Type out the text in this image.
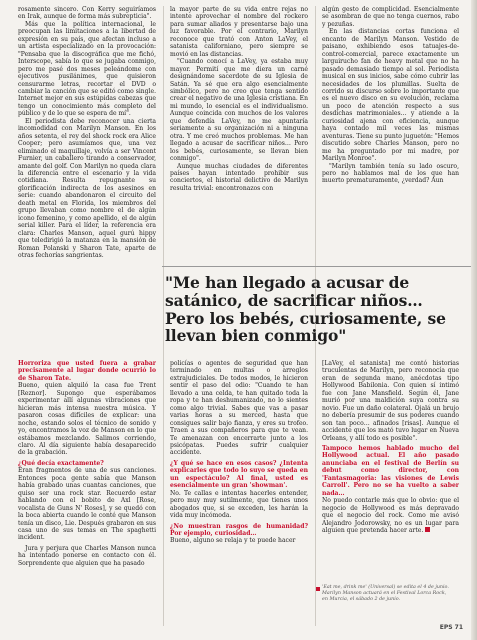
rosamente sincero. Con Kerry seguiríamos en Irak, aunque de forma más subrepticia".

Más que la política internacional, le preocupan las limitaciones a la libertad de expresión en su país, que afectan incluso a un artista especializado en la provocación: "Pensaba que la discográfica que me fichó, Interscope, sabía lo que se jugaba conmigo, pero me pasé dos meses peleándome con ejecutivos pusilánimes, que quisieron censurarme letras, recortar el DVD o cambiar la canción que se editó como single. Internet mejor en sus estúpidas cabezas que tengo un conocimiento más completo del público y de lo que se espera de mí".

El periodista debe reconocer una cierta incomodidad con Marilyn Manson. En los años setenta, el rey del shock rock era Alice Cooper; pero asumíamos que, una vez eliminado el maquillaje, volvía a ser Vincent Furnier, un caballero tirando a conservador, amante del golf. Con Marilyn no queda clara la diferencia entre el escenario y la vida cotidiana. Resulta repugnante su glorificación indirecta de los asesinos en serie: cuando abandonaron el circuito del death metal en Florida, los miembros del grupo llevaban como nombre el de algún icono femenino, y como apellido, el de algún serial killer. Para el líder, la referencia era clara: Charles Manson, aquel gurú hippy que teledirigió la matanza en la mansión de Roman Polanski y Sharon Tate, aparte de otras fechorías sangrientas.

la mayor parte de su vida entre rejas no intente aprovechar el nombre del rockero para sumar aliados y presentarse bajo una luz favorable. Por el contrario, Marilyn reconoce que trató con Anton LaVey, el satanista californiano, pero siempre se movió en las distancias.

"Cuando conocí a LaVey, ya estaba muy mayor. Permití que me diera un carné designándome sacerdote de su Iglesia de Satán. Ya sé que era algo esencialmente simbólico, pero no creo que tenga sentido crear el negativo de una Iglesia cristiana. En mi mundo, lo esencial es el individualismo. Aunque coincida con muchos de los valores que defendía LaVey, no me apuntaría seriamente a su organización ni a ninguna otra. Y me creó muchos problemas. Me han llegado a acusar de sacrificar niños… Pero los bebés, curiosamente, se llevan bien conmigo".

Aunque muchas ciudades de diferentes países hayan intentado prohibir sus conciertos, el historial delictivo de Marilyn resulta trivial: encontronazos con

algún gesto de complicidad. Esencialmente se asombran de que no tenga cuernos, rabo y pezuñas.

En las distancias cortas funciona el encanto de Marilyn Manson. Vestido de paisano, exhibiendo esos tatuajes-de-control-comercial, parece exactamente un larguirucho fan de heavy metal que no ha pasado demasiado tiempo al sol. Periodista musical en sus inicios, sabe cómo cubrir las necesidades de los plumillas. Suelta de corrido su discurso sobre lo importante que es el nuevo disco en su evolución, reclama un poco de atención respecto a sus desdichas matrimoniales… y atiende a la curiosidad ajena con eficiencia, aunque haya contado mil veces las mismas aventuras. Tiene su punto juguetón: "Hemos discutido sobre Charles Manson, pero no me ha preguntado por mi madre, por Marilyn Monroe".

"Marilyn también tenía su lado oscuro, pero no hablamos mal de los que han muerto prematuramente, ¿verdad? Aun

"Me han llegado a acusar de satánico, de sacrificar niños… Pero los bebés, curiosamente, se llevan bien conmigo"

Horroriza que usted fuera a grabar precisamente al lugar donde ocurrió lo de Sharon Tate.

Bueno, quien alquiló la casa fue Trent [Reznor]. Supongo que esperábamos experimentar allí algunas vibraciones que hicieran más intensa nuestra música. Y pasaron cosas difíciles de explicar: una noche, estando solos el técnico de sonido y yo, encontramos la voz de Manson en lo que estábamos mezclando. Salimos corriendo, claro. Al día siguiente había desaparecido de la grabación.

¿Qué decía exactamente?

Eran fragmentos de una de sus canciones. Entonces poca gente sabía que Manson había grabado unas cuantas canciones, que quiso ser una rock star. Recuerdo estar hablando con el bobito de Axl [Rose, vocalista de Guns N' Roses], y se quedó con la boca abierta cuando le conté que Manson tenía un disco, Lie. Después grabaron en sus casa uno de sus temas en The spaghetti incident.

Jura y perjura que Charles Manson nunca ha intentado ponerse en contacto con él. Sorprendente que alguien que ha pasado

policías o agentes de seguridad que han terminado en multas o arreglos extrajudiciales. De todos modos, le hicieron sentir el paso del odio: "Cuando te han llevado a una celda, te han quitado toda la ropa y te han deshumanizado, no lo sientes como algo trivial. Sabes que vas a pasar varias horas a su merced, hasta que consigues salir bajo fianza, y eres su trofeo. Traen a sus compañeros para que te vean. Te amenazan con encerrarte junto a los psicópatas. Puedes sufrir cualquier accidente.

¿Y qué se hace en esos casos? ¿Intenta explicarles que todo lo suyo se queda en un espectáculo? Al final, usted es esencialmente un gran 'showman'.

No. Te callas e intentas hacerles entender, pero muy muy sutilmente, que tienes unos abogados que, si se exceden, les harán la vida muy incómoda.

¿No muestran rasgos de humanidad? Por ejemplo, curiosidad…

Bueno, alguno se relaja y te puede hacer

[LaVey, el satanista] me contó historias truculentas de Marilyn, pero reconocía que eran de segunda mano, anécdotas tipo Hollywood Babilonia. Con quien sí intimó fue con Jane Mansfield. Según él, Jane murió por una maldición suya contra su novio. Fue un daño colateral. Ojalá un brujo no debería presumir de sus poderes cuando son tan poco… afinados [risas]. Aunque el accidente que los mató tuvo lugar en Nueva Orleans, y allí todo es posible".

Tampoco hemos hablado mucho del Hollywood actual. El año pasado anunciaba en el festival de Berlín su debut como director, con 'Fantasmagoria: las visiones de Lewis Carroll'. Pero no se ha vuelto a saber nada…

No puedo contarle más que lo obvio: que el negocio de Hollywood es más depravado que el negocio del rock. Como me avisó Alejandro Jodorowsky, no es un lugar para alguien que pretenda hacer arte.

'Eat me, drink me' (Universal) se edita el 4 de junio. Marilyn Manson actuará en el Festival Lorca Rock, en Murcia, el sábado 2 de junio.
EPS 71
